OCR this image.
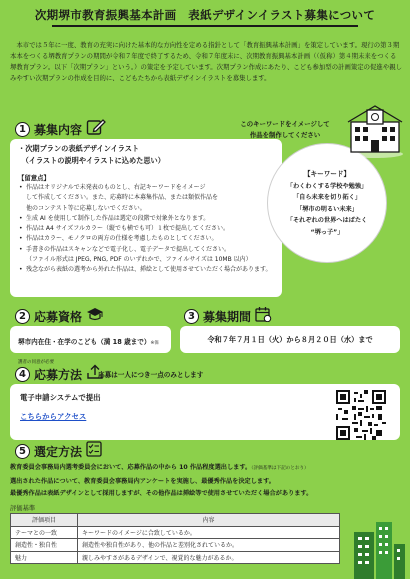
次期堺市教育振興基本計画　表紙デザインイラスト募集について
　本市では５年に一度、教育の充実に向けた基本的な方向性を定める指針として「教育振興基本計画」を策定しています。現行の第３期本本をつくる堺教育プランの期間が令和７年度で終了するため、令和７年度末に、次期教育振興基本計画（（仮称）第４期未来をつくる堺教育プラン。以下「次期プラン」という。）の策定を予定しています。次期プラン作成にあたり、こども参加型の計画策定の促進や親しみやすい次期プランの作成を目的に、こどもたちから表紙デザインイラストを募集します。
1 募集内容
・次期プランの表紙デザインイラスト
　（イラストの説明やイラストに込めた思い）
【留意点】
• 作品はオリジナルで未発表のものとし、右記キーワードをイメージ
して作成してください。また、応募時に本募集作品、または類似作品を
他のコンテスト等に応募しないでください。
• 生成 AI を使用して制作した作品は選定の段階で対象外となります。
• 作品は A4 サイズフルカラー（縦でも横でも可）１枚で提出してください。
• 作品はカラー、モノクロの両方の仕様を考慮したものとしてください。
• 手書きの作品はスキャンなどで電子化し、電子データで提出してください。
（ファイル形式は JPEG, PNG, PDF のいずれかで、ファイルサイズは 10MB 以内）
• 残念ながら表紙の選考から外れた作品は、挿絵として使用させていただく場合があります。
このキーワードをイメージして
作品を制作してください
【キーワード】
「わくわくする学校や勉強」
「自ら未来を切り拓く」
「堺市の明るい未来」
「それぞれの世界へはばたく
“堺っ子”」
2 応募資格
堺市内在住・在学のこども（満 18 歳まで）※保護者の同意が必要
3 募集期間
令和７年７月１日（火）から８月２０日（水）まで
4 応募方法 応募は一人につき一点のみとします
電子申請システムで提出
こちらからアクセス
5 選定方法
教育委員会事務局内選考委員会において、応募作品の中から 10 作品程度選出します。（評価基準は下記のとおり）
選出された作品について、教育委員会事務局内アンケートを実施し、最優秀作品を決定します。
最優秀作品は表紙デザインとして採用しますが、その他作品は挿絵等で使用させていただく場合があります。
評価基準
評価項目	内容
テーマとの一致	キーワードのイメージに合致しているか。
創造性・独自性	創造性や独自性があり、他の作品と差別化されているか。
魅力	親しみやすさがあるデザインで、視覚的な魅力があるか。
